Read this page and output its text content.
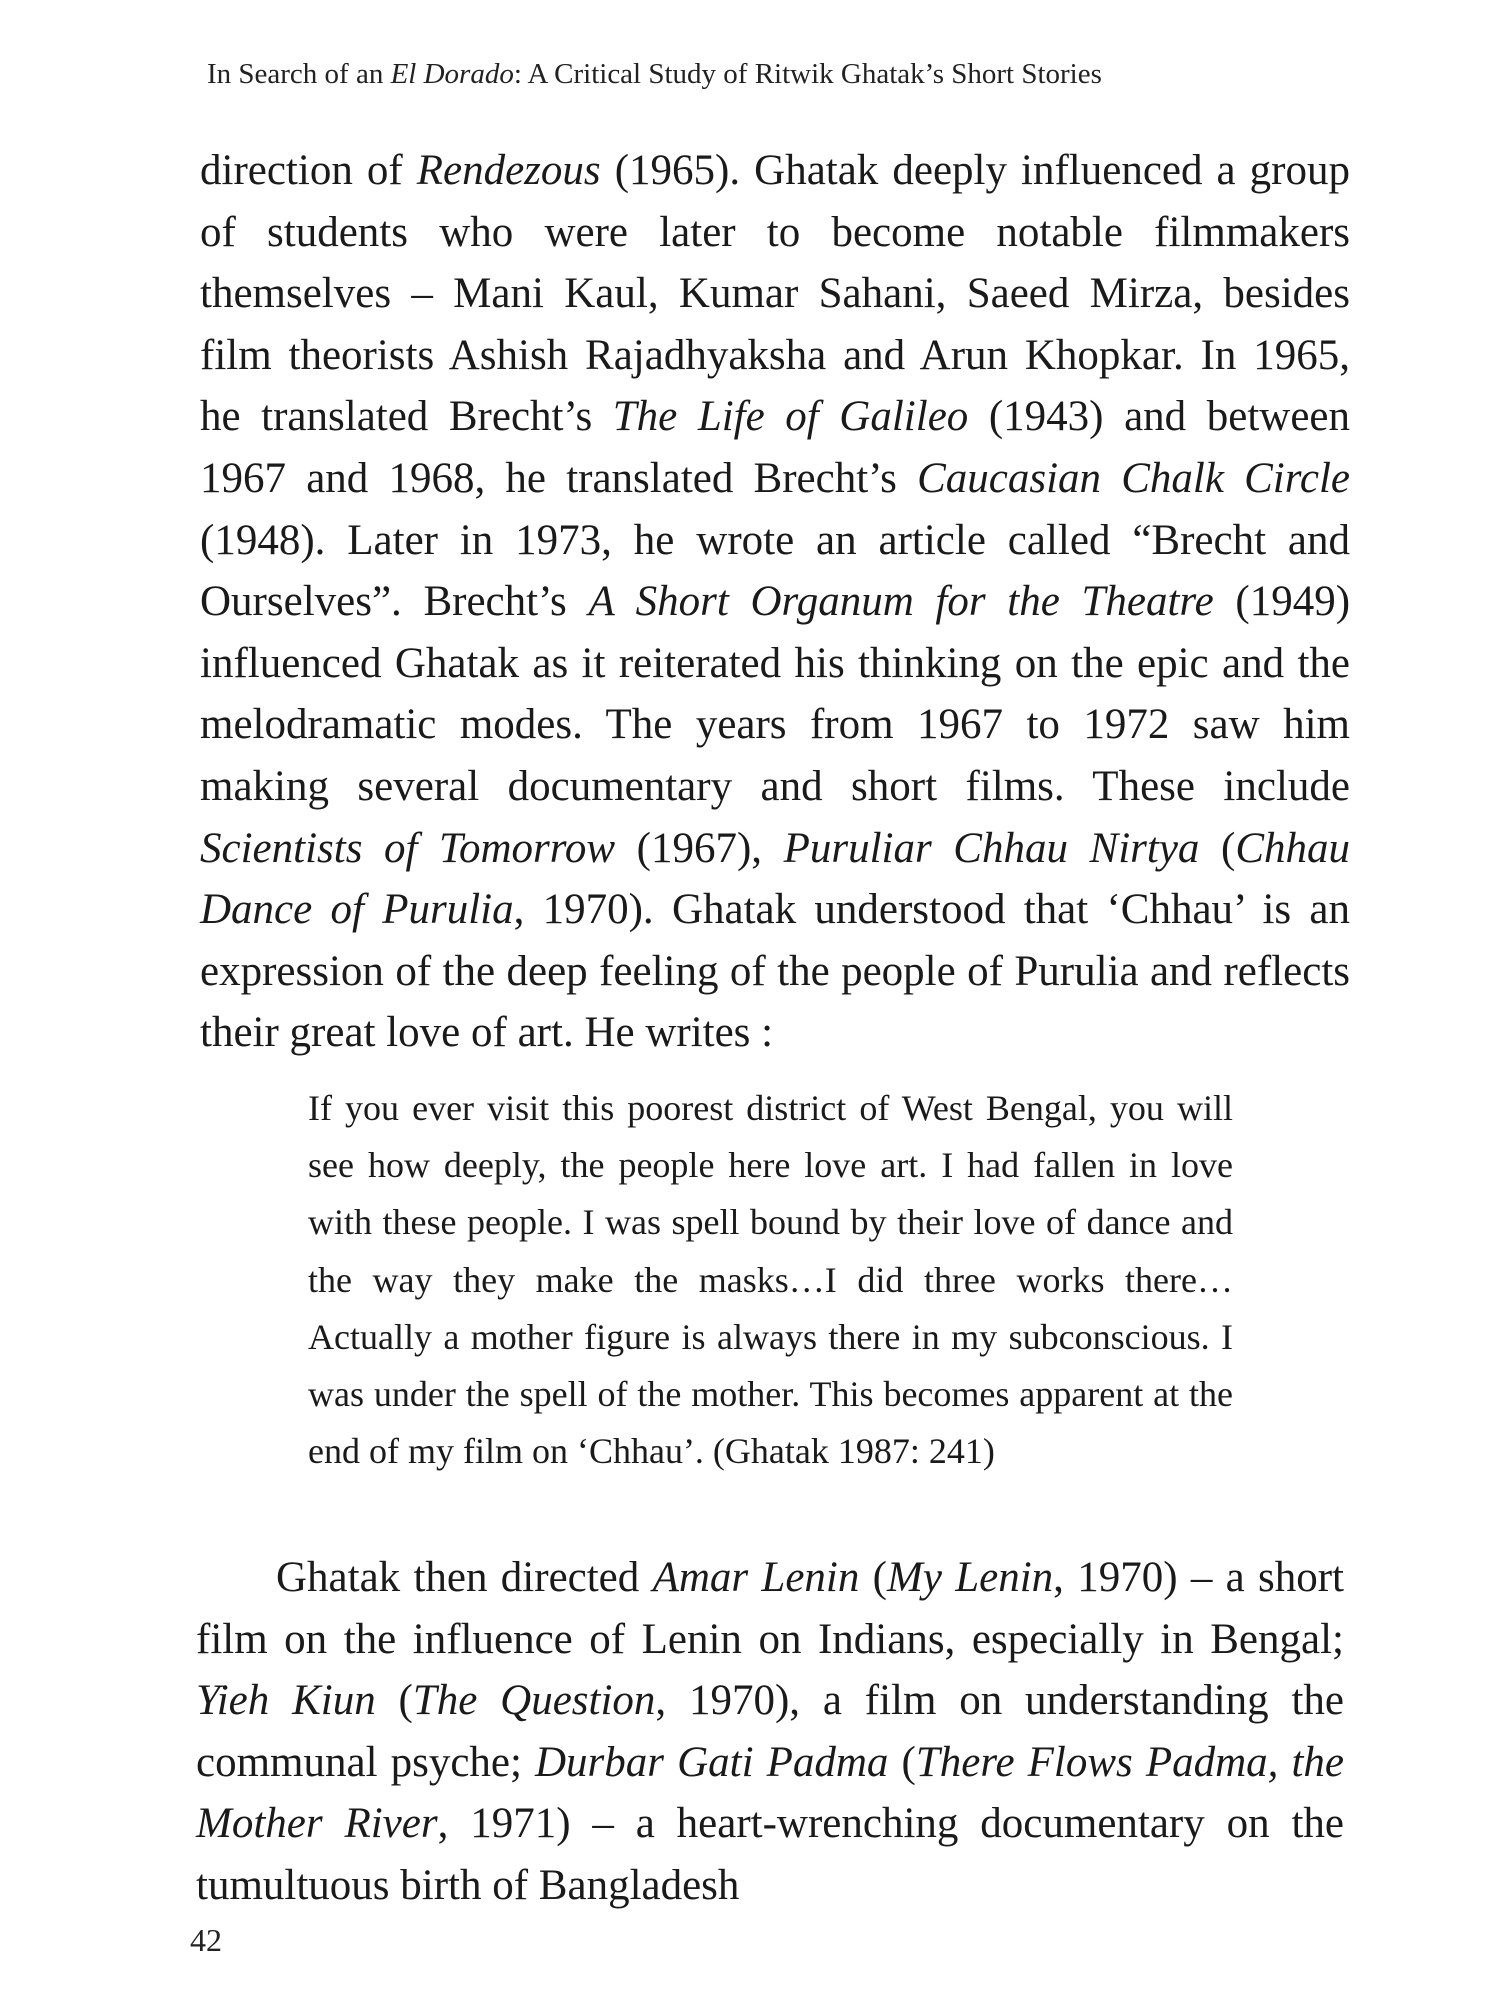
In Search of an El Dorado: A Critical Study of Ritwik Ghatak’s Short Stories

direction of Rendezous (1965). Ghatak deeply influenced a group of students who were later to become notable filmmakers themselves – Mani Kaul, Kumar Sahani, Saeed Mirza, besides film theorists Ashish Rajadhyaksha and Arun Khopkar. In 1965, he translated Brecht’s The Life of Galileo (1943) and between 1967 and 1968, he translated Brecht’s Caucasian Chalk Circle (1948). Later in 1973, he wrote an article called “Brecht and Ourselves”. Brecht’s A Short Organum for the Theatre (1949) influenced Ghatak as it reiterated his thinking on the epic and the melodramatic modes. The years from 1967 to 1972 saw him making several documentary and short films. These include Scientists of Tomorrow (1967), Puruliar Chhau Nirtya (Chhau Dance of Purulia, 1970). Ghatak understood that ‘Chhau’ is an expression of the deep feeling of the people of Purulia and reflects their great love of art. He writes :

If you ever visit this poorest district of West Bengal, you will see how deeply, the people here love art. I had fallen in love with these people. I was spell bound by their love of dance and the way they make the masks…I did three works there… Actually a mother figure is always there in my subconscious. I was under the spell of the mother. This becomes apparent at the end of my film on ‘Chhau’. (Ghatak 1987: 241)

Ghatak then directed Amar Lenin (My Lenin, 1970) – a short film on the influence of Lenin on Indians, especially in Bengal; Yieh Kiun (The Question, 1970), a film on understanding the communal psyche; Durbar Gati Padma (There Flows Padma, the Mother River, 1971) – a heart-wrenching documentary on the tumultuous birth of Bangladesh

42
